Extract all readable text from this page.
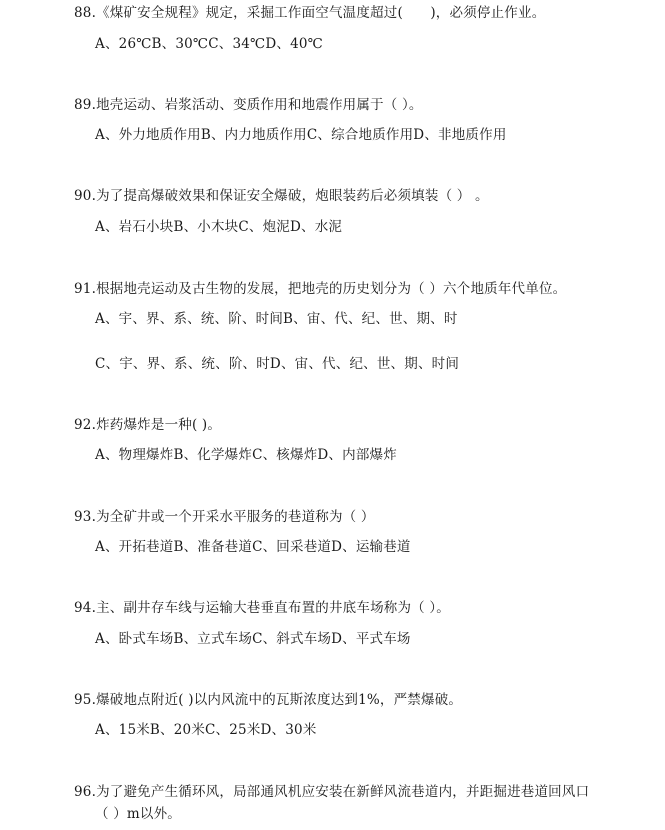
88.《煤矿安全规程》规定，采掘工作面空气温度超过(　　)，必须停止作业。
A、26℃B、30℃C、34℃D、40℃
89.地壳运动、岩浆活动、变质作用和地震作用属于（ ）。
A、外力地质作用B、内力地质作用C、综合地质作用D、非地质作用
90.为了提高爆破效果和保证安全爆破，炮眼装药后必须填装（ ） 。
A、岩石小块B、小木块C、炮泥D、水泥
91.根据地壳运动及古生物的发展，把地壳的历史划分为（ ）六个地质年代单位。
A、宇、界、系、统、阶、时间B、宙、代、纪、世、期、时
C、宇、界、系、统、阶、时D、宙、代、纪、世、期、时间
92.炸药爆炸是一种( )。
A、物理爆炸B、化学爆炸C、核爆炸D、内部爆炸
93.为全矿井或一个开采水平服务的巷道称为（ ）
A、开拓巷道B、准备巷道C、回采巷道D、运输巷道
94.主、副井存车线与运输大巷垂直布置的井底车场称为（ ）。
A、卧式车场B、立式车场C、斜式车场D、平式车场
95.爆破地点附近( )以内风流中的瓦斯浓度达到1%，严禁爆破。
A、15米B、20米C、25米D、30米
96.为了避免产生循环风，局部通风机应安装在新鲜风流巷道内，并距掘进巷道回风口
（ ）m以外。
